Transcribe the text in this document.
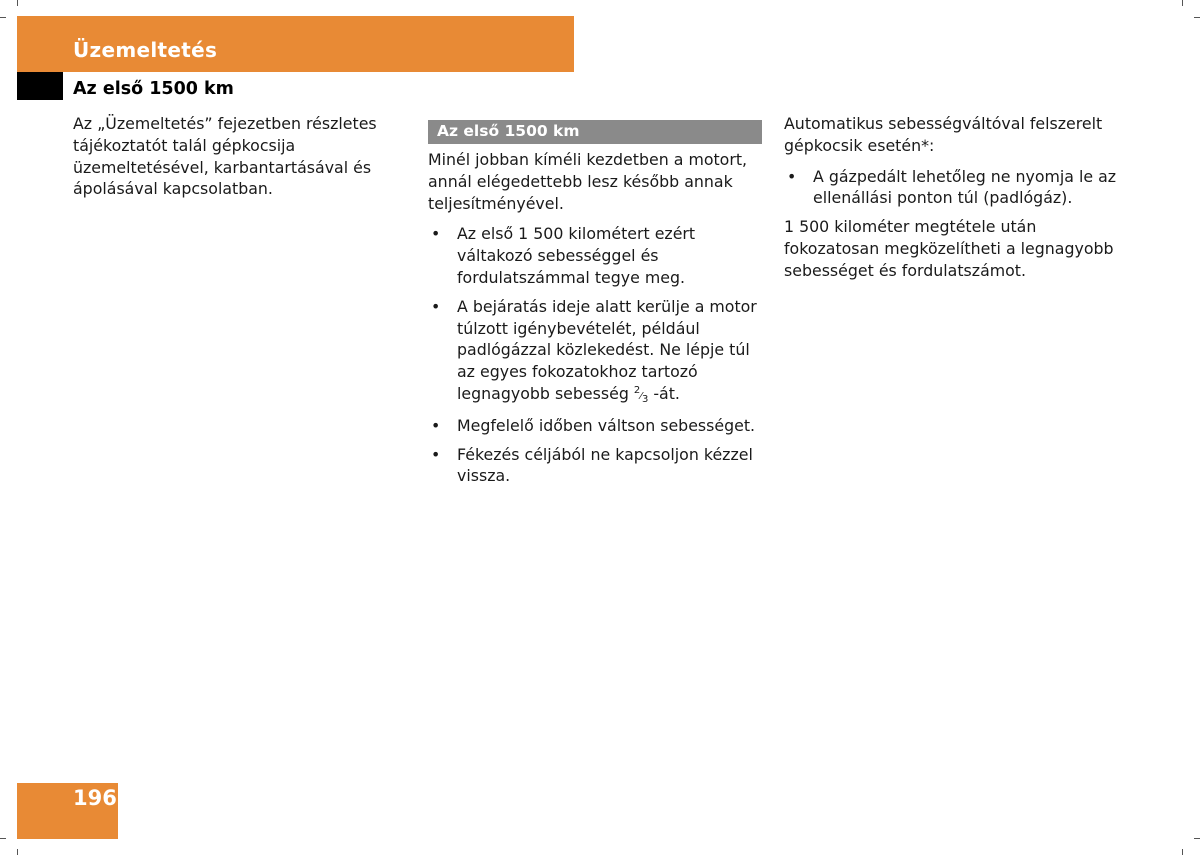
Üzemeltetés
Az első 1500 km

Az „Üzemeltetés” fejezetben részletes tájékoztatót talál gépkocsija üzemeltetésével, karbantartásával és ápolásával kapcsolatban.

Az első 1500 km

Minél jobban kíméli kezdetben a motort, annál elégedettebb lesz később annak teljesítményével.

• Az első 1 500 kilométert ezért váltakozó sebességgel és fordulatszámmal tegye meg.
• A bejáratás ideje alatt kerülje a motor túlzott igénybevételét, például padlógázzal közlekedést. Ne lépje túl az egyes fokozatokhoz tartozó legnagyobb sebesség 2⁄3 -át.
• Megfelelő időben váltson sebességet.
• Fékezés céljából ne kapcsoljon kézzel vissza.

Automatikus sebességváltóval felszerelt gépkocsik esetén*:

• A gázpedált lehetőleg ne nyomja le az ellenállási ponton túl (padlógáz).

1 500 kilométer megtétele után fokozatosan megközelítheti a legnagyobb sebességet és fordulatszámot.

196
